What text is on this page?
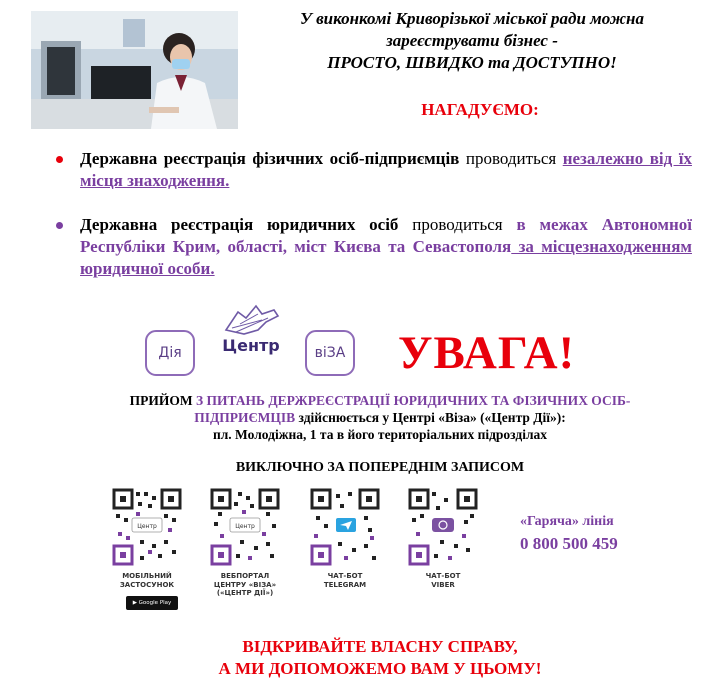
У виконкомі Криворізької міської ради можна
зареєструвати бізнес -
ПРОСТО, ШВИДКО та ДОСТУПНО!
НАГАДУЄМО:
Державна реєстрація фізичних осіб-підприємців проводиться незалежно від їх місця знаходження.
Державна реєстрація юридичних осіб проводиться в межах Автономної Республіки Крим, області, міст Києва та Севастополя за місцезнаходженням юридичної особи.
Дія	Центр	віЗА УВАГА!
ПРИЙОМ З ПИТАНЬ ДЕРЖРЕЄСТРАЦІЇ ЮРИДИЧНИХ ТА ФІЗИЧНИХ ОСІБ-ПІДПРИЄМЦІВ здійснюється у Центрі «Віза» («Центр Дії»):
пл. Молодіжна, 1 та в його територіальних підрозділах
ВИКЛЮЧНО ЗА ПОПЕРЕДНІМ ЗАПИСОМ
Центр	Центр
МОБІЛЬНИЙ
ЗАСТОСУНОК
▶ Google Play
ВЕБПОРТАЛ
ЦЕНТРУ «ВІЗА»
(«ЦЕНТР ДІЇ»)
ЧАТ-БОТ
TELEGRAM
ЧАТ-БОТ
VIBER
«Гаряча» лінія
0 800 500 459
ВІДКРИВАЙТЕ ВЛАСНУ СПРАВУ,
А МИ ДОПОМОЖЕМО ВАМ У ЦЬОМУ!
